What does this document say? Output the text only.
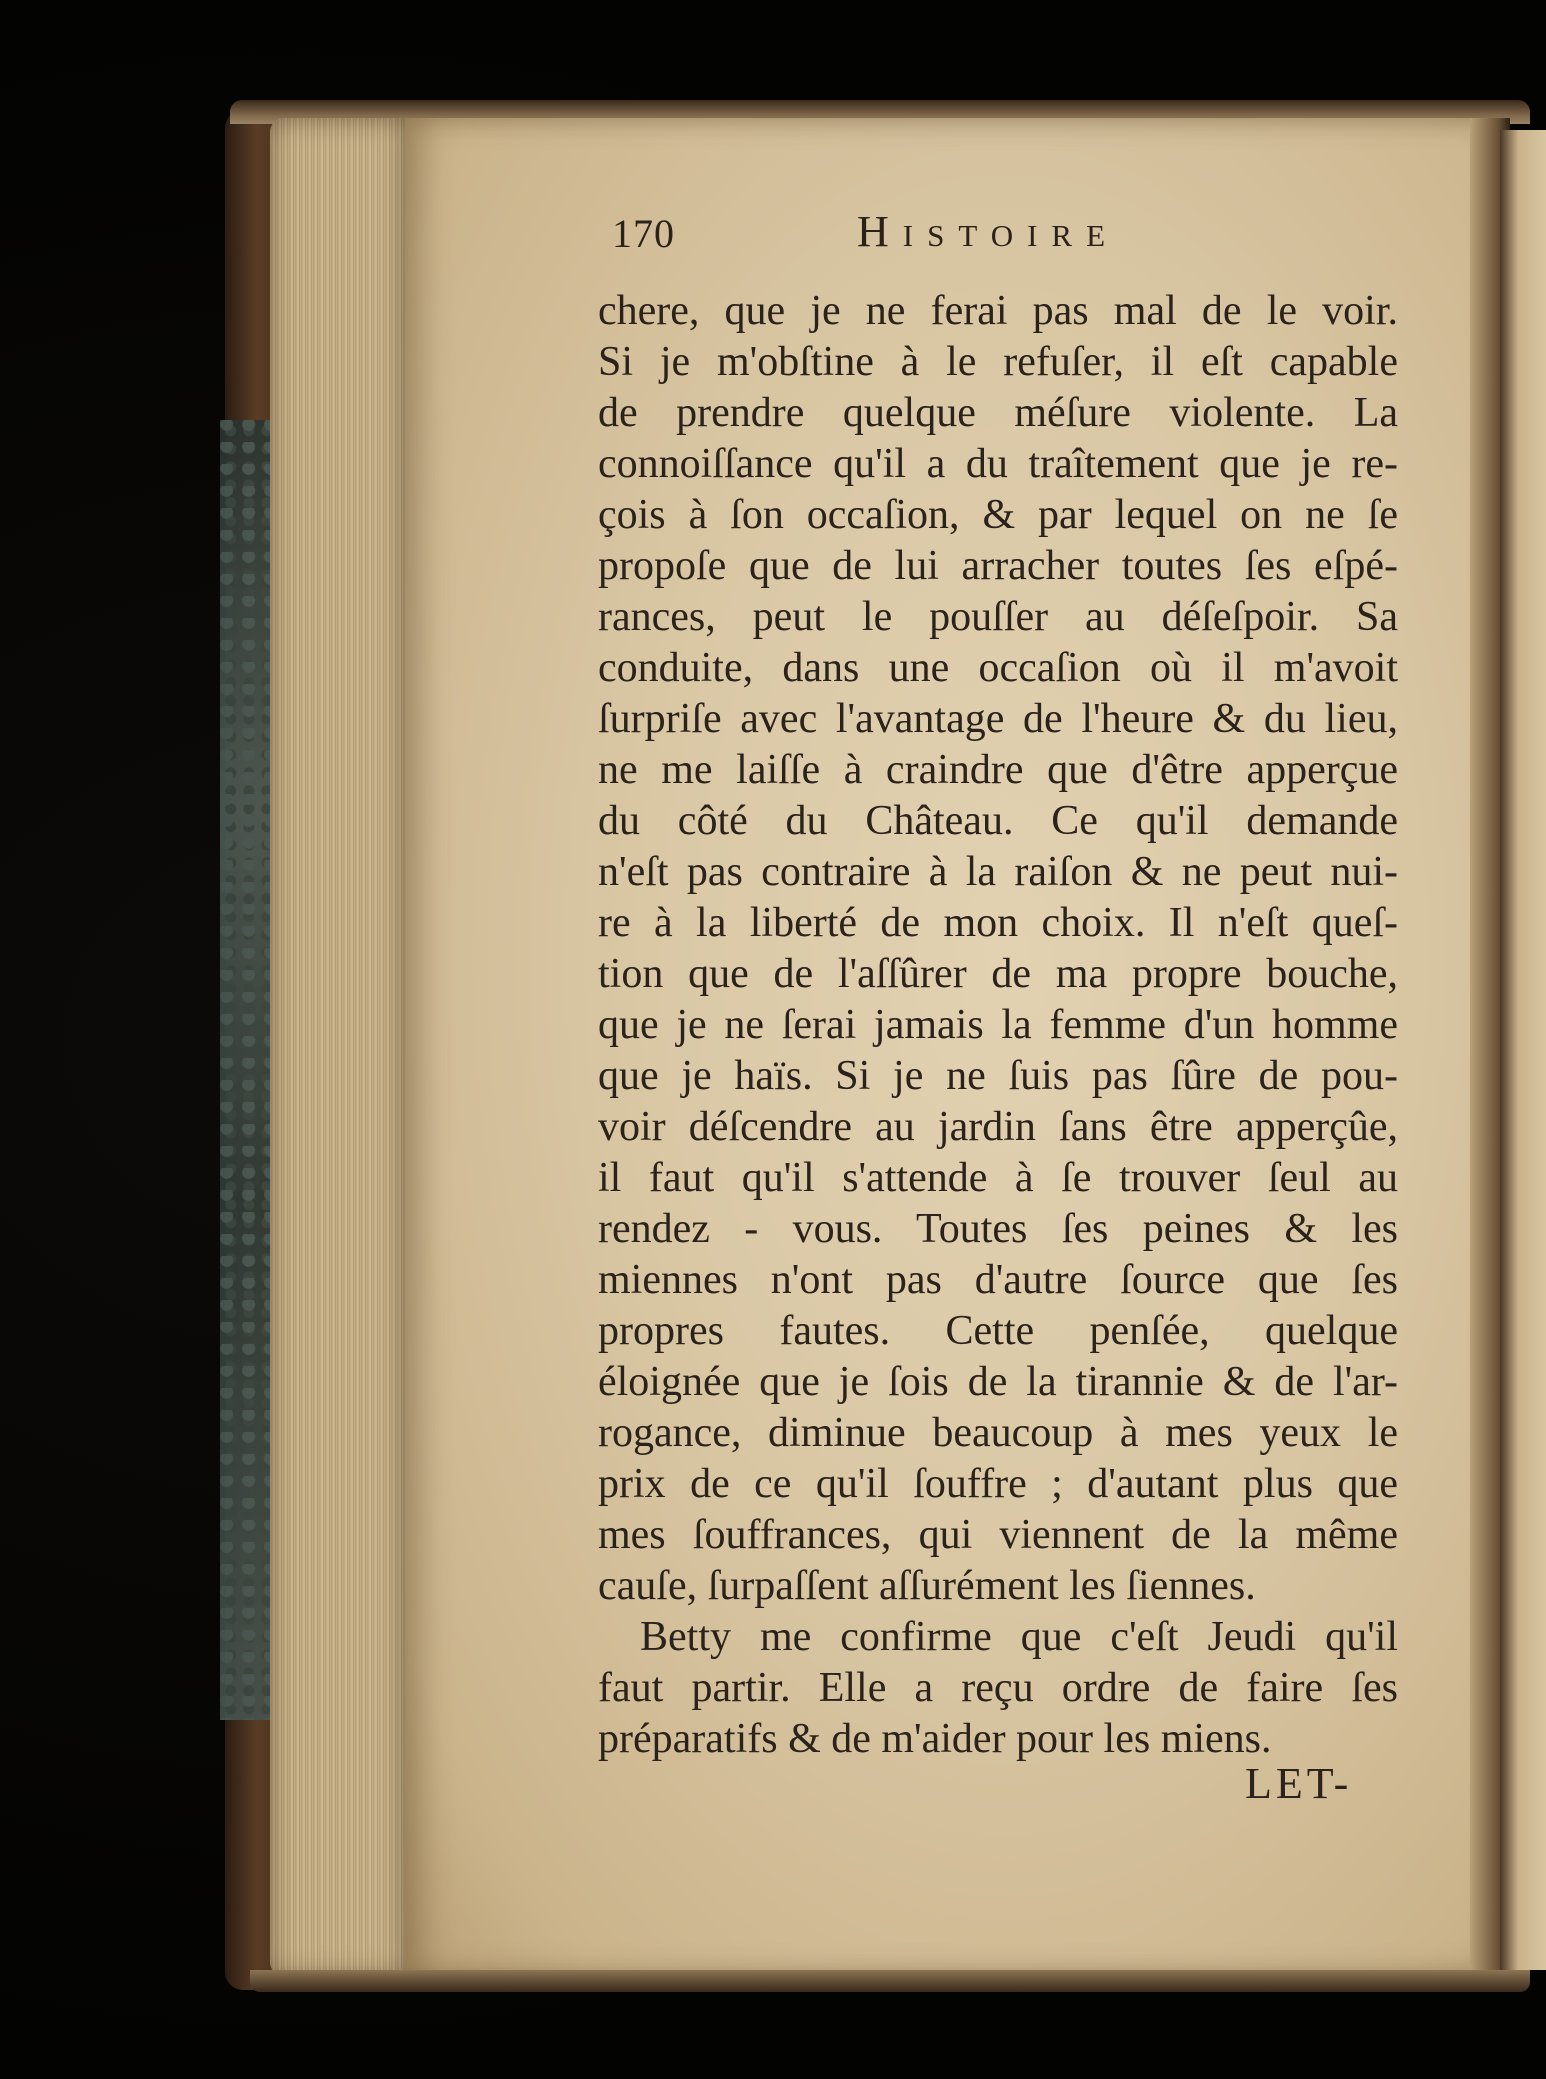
170	Histoire
chere, que je ne ferai pas mal de le voir.
Si je m'obſtine à le refuſer, il eſt capable
de prendre quelque méſure violente. La
connoiſſance qu'il a du traîtement que je re-
çois à ſon occaſion, & par lequel on ne ſe
propoſe que de lui arracher toutes ſes eſpé-
rances, peut le pouſſer au déſeſpoir. Sa
conduite, dans une occaſion où il m'avoit
ſurpriſe avec l'avantage de l'heure & du lieu,
ne me laiſſe à craindre que d'être apperçue
du côté du Château. Ce qu'il demande
n'eſt pas contraire à la raiſon & ne peut nui-
re à la liberté de mon choix. Il n'eſt queſ-
tion que de l'aſſûrer de ma propre bouche,
que je ne ſerai jamais la femme d'un homme
que je haïs. Si je ne ſuis pas ſûre de pou-
voir déſcendre au jardin ſans être apperçûe,
il faut qu'il s'attende à ſe trouver ſeul au
rendez - vous. Toutes ſes peines & les
miennes n'ont pas d'autre ſource que ſes
propres fautes. Cette penſée, quelque
éloignée que je ſois de la tirannie & de l'ar-
rogance, diminue beaucoup à mes yeux le
prix de ce qu'il ſouffre ; d'autant plus que
mes ſouffrances, qui viennent de la même
cauſe, ſurpaſſent aſſurément les ſiennes.
Betty me confirme que c'eſt Jeudi qu'il
faut partir. Elle a reçu ordre de faire ſes
préparatifs & de m'aider pour les miens.
LET-
